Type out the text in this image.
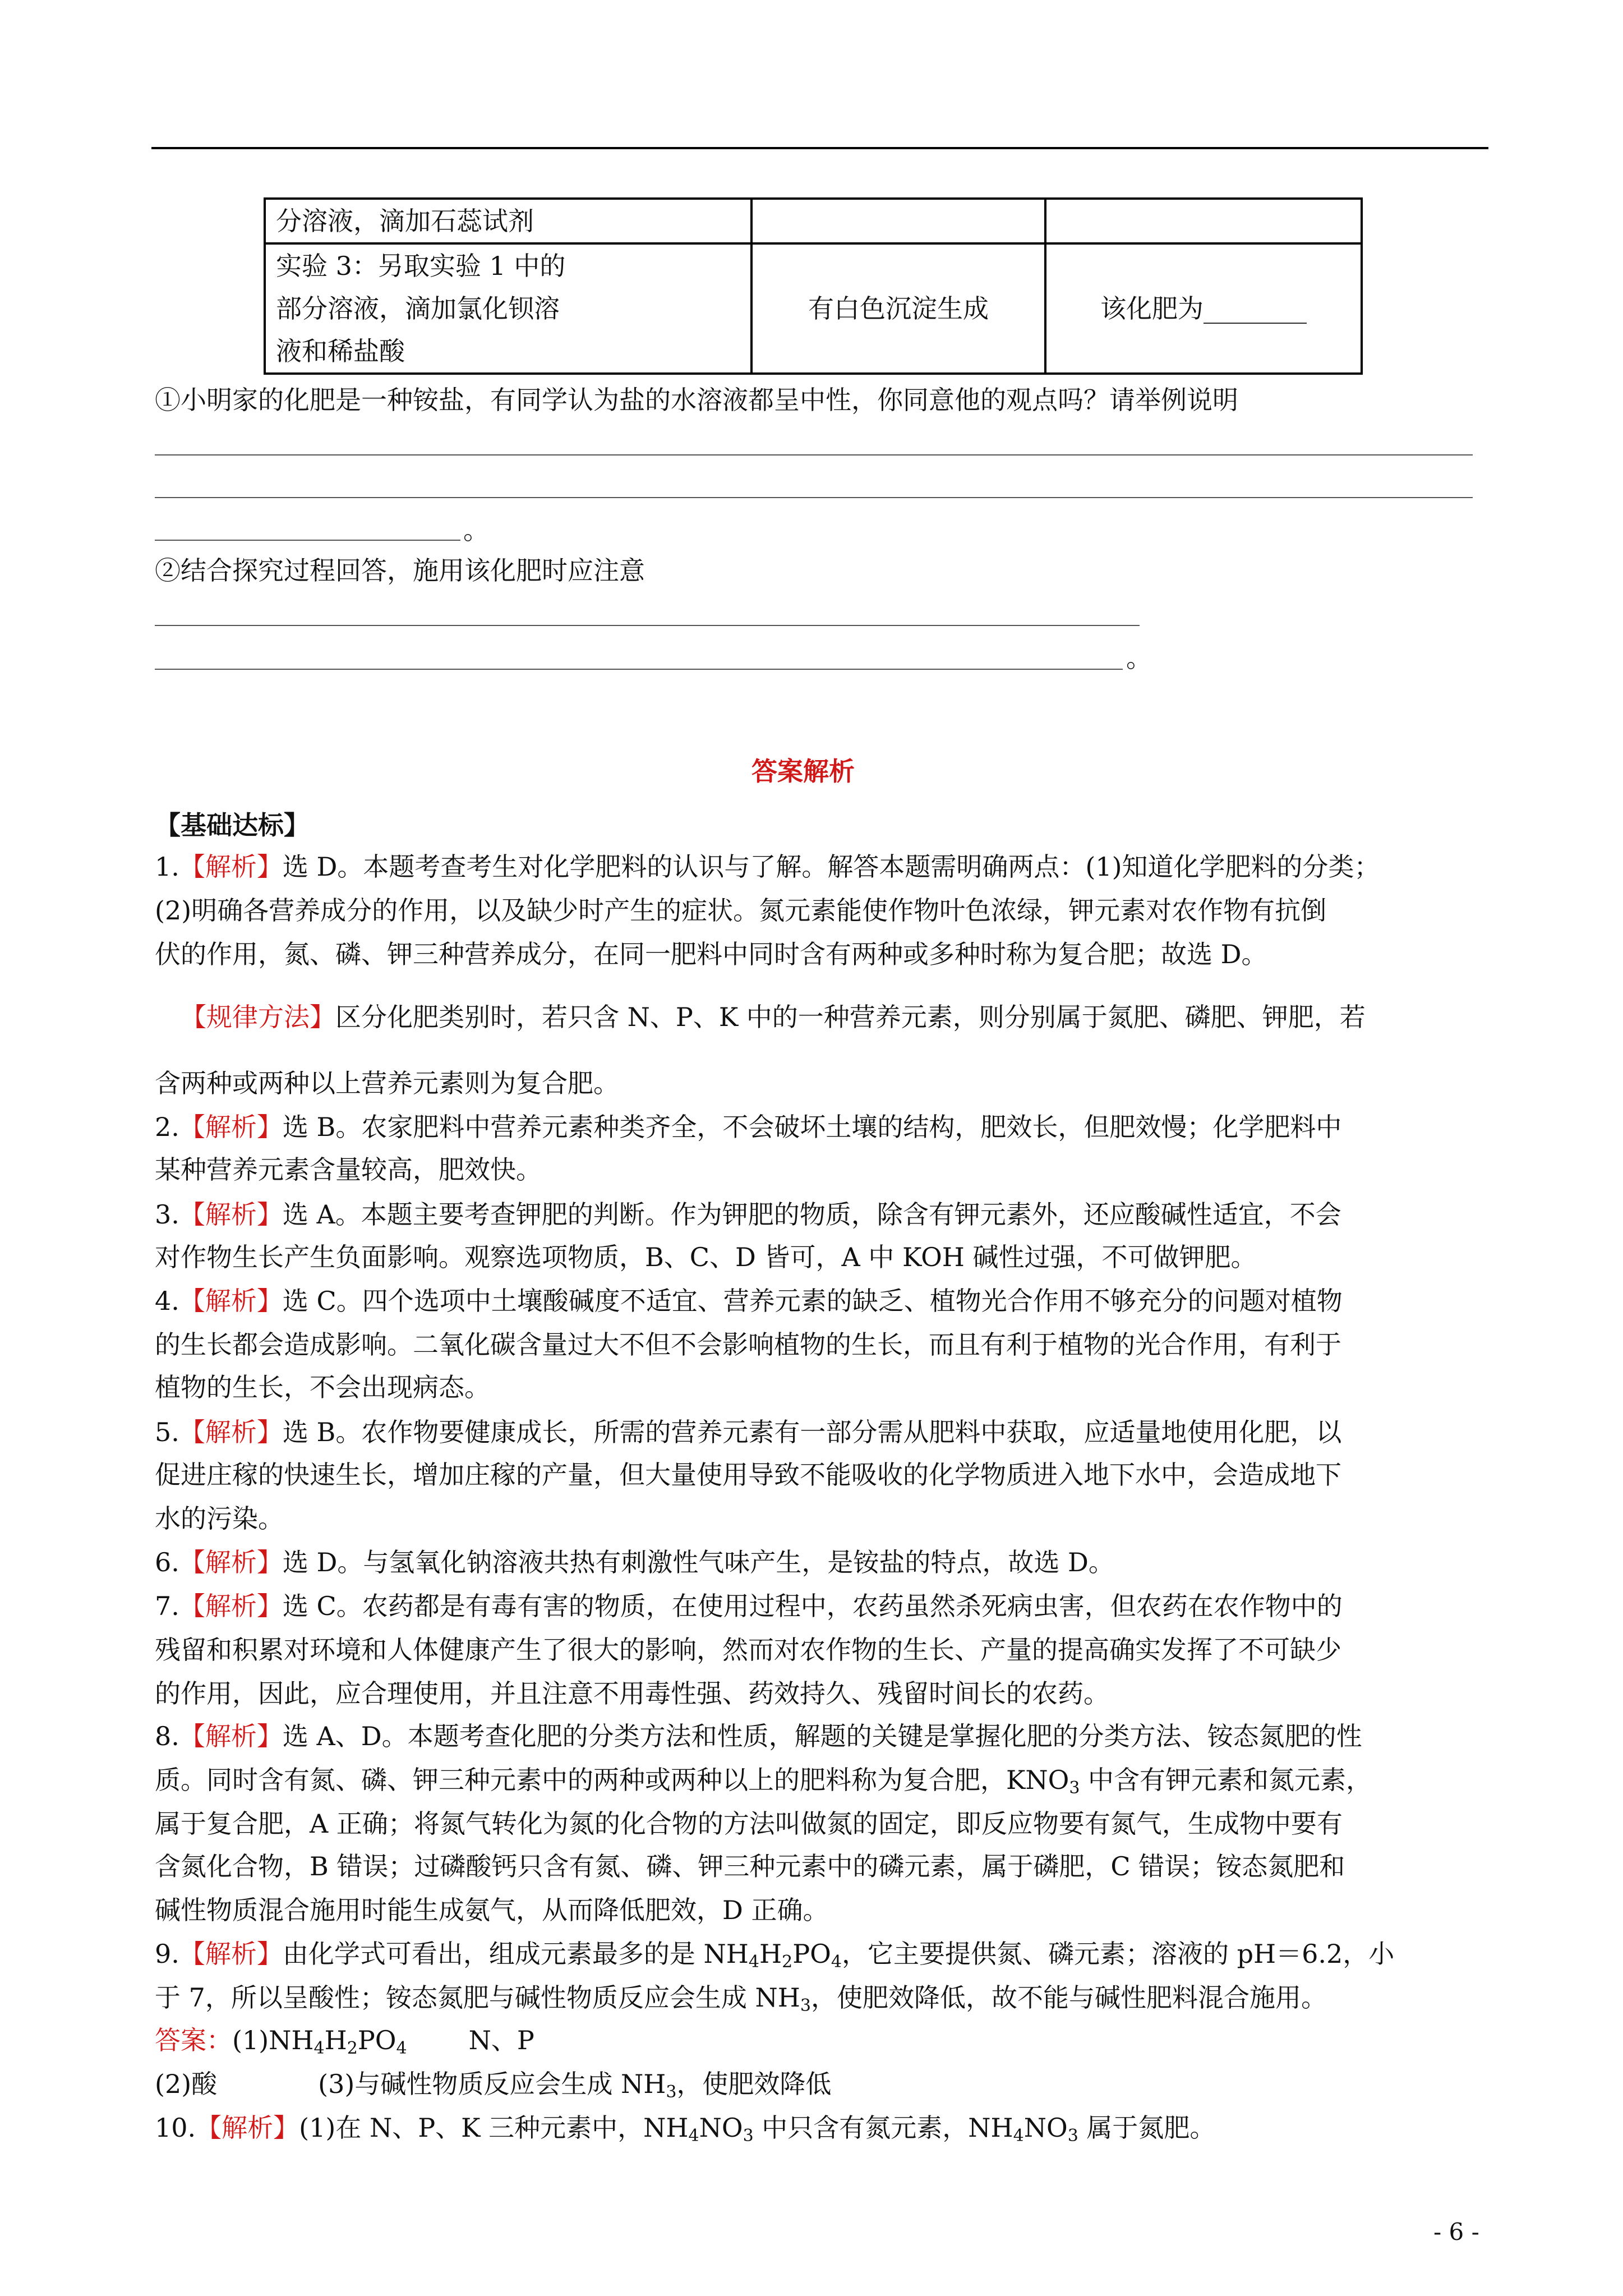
分溶液，滴加石蕊试剂		

实验 3：另取实验 1 中的
部分溶液，滴加氯化钡溶
液和稀盐酸	有白色沉淀生成	该化肥为________
①小明家的化肥是一种铵盐，有同学认为盐的水溶液都呈中性，你同意他的观点吗？请举例说明
。
②结合探究过程回答，施用该化肥时应注意
。
答案解析
【基础达标】
1.【解析】选 D。本题考查考生对化学肥料的认识与了解。解答本题需明确两点：(1)知道化学肥料的分类；
(2)明确各营养成分的作用，以及缺少时产生的症状。氮元素能使作物叶色浓绿，钾元素对农作物有抗倒
伏的作用，氮、磷、钾三种营养成分，在同一肥料中同时含有两种或多种时称为复合肥；故选 D。
【规律方法】区分化肥类别时，若只含 N、P、K 中的一种营养元素，则分别属于氮肥、磷肥、钾肥，若
含两种或两种以上营养元素则为复合肥。
2.【解析】选 B。农家肥料中营养元素种类齐全，不会破坏土壤的结构，肥效长，但肥效慢；化学肥料中
某种营养元素含量较高，肥效快。
3.【解析】选 A。本题主要考查钾肥的判断。作为钾肥的物质，除含有钾元素外，还应酸碱性适宜，不会
对作物生长产生负面影响。观察选项物质，B、C、D 皆可，A 中 KOH 碱性过强，不可做钾肥。
4.【解析】选 C。四个选项中土壤酸碱度不适宜、营养元素的缺乏、植物光合作用不够充分的问题对植物
的生长都会造成影响。二氧化碳含量过大不但不会影响植物的生长，而且有利于植物的光合作用，有利于
植物的生长，不会出现病态。
5.【解析】选 B。农作物要健康成长，所需的营养元素有一部分需从肥料中获取，应适量地使用化肥，以
促进庄稼的快速生长，增加庄稼的产量，但大量使用导致不能吸收的化学物质进入地下水中，会造成地下
水的污染。
6.【解析】选 D。与氢氧化钠溶液共热有刺激性气味产生，是铵盐的特点，故选 D。
7.【解析】选 C。农药都是有毒有害的物质，在使用过程中，农药虽然杀死病虫害，但农药在农作物中的
残留和积累对环境和人体健康产生了很大的影响，然而对农作物的生长、产量的提高确实发挥了不可缺少
的作用，因此，应合理使用，并且注意不用毒性强、药效持久、残留时间长的农药。
8.【解析】选 A、D。本题考查化肥的分类方法和性质，解题的关键是掌握化肥的分类方法、铵态氮肥的性
质。同时含有氮、磷、钾三种元素中的两种或两种以上的肥料称为复合肥，$KNO_3$ 中含有钾元素和氮元素，
属于复合肥，A 正确；将氮气转化为氮的化合物的方法叫做氮的固定，即反应物要有氮气，生成物中要有
含氮化合物，B 错误；过磷酸钙只含有氮、磷、钾三种元素中的磷元素，属于磷肥，C 错误；铵态氮肥和
碱性物质混合施用时能生成氨气，从而降低肥效，D 正确。
9.【解析】由化学式可看出，组成元素最多的是 $NH_4H_2PO_4$，它主要提供氮、磷元素；溶液的 pH＝6.2，小
于 7，所以呈酸性；铵态氮肥与碱性物质反应会生成 $NH_3$，使肥效降低，故不能与碱性肥料混合施用。
答案：$(1)NH_4H_2PO_4$ N、P
(2)酸	(3)与碱性物质反应会生成 $NH_3$，使肥效降低
10.【解析】(1)在 N、P、K 三种元素中，$NH_4NO_3$ 中只含有氮元素，$NH_4NO_3$ 属于氮肥。
- 6 -
